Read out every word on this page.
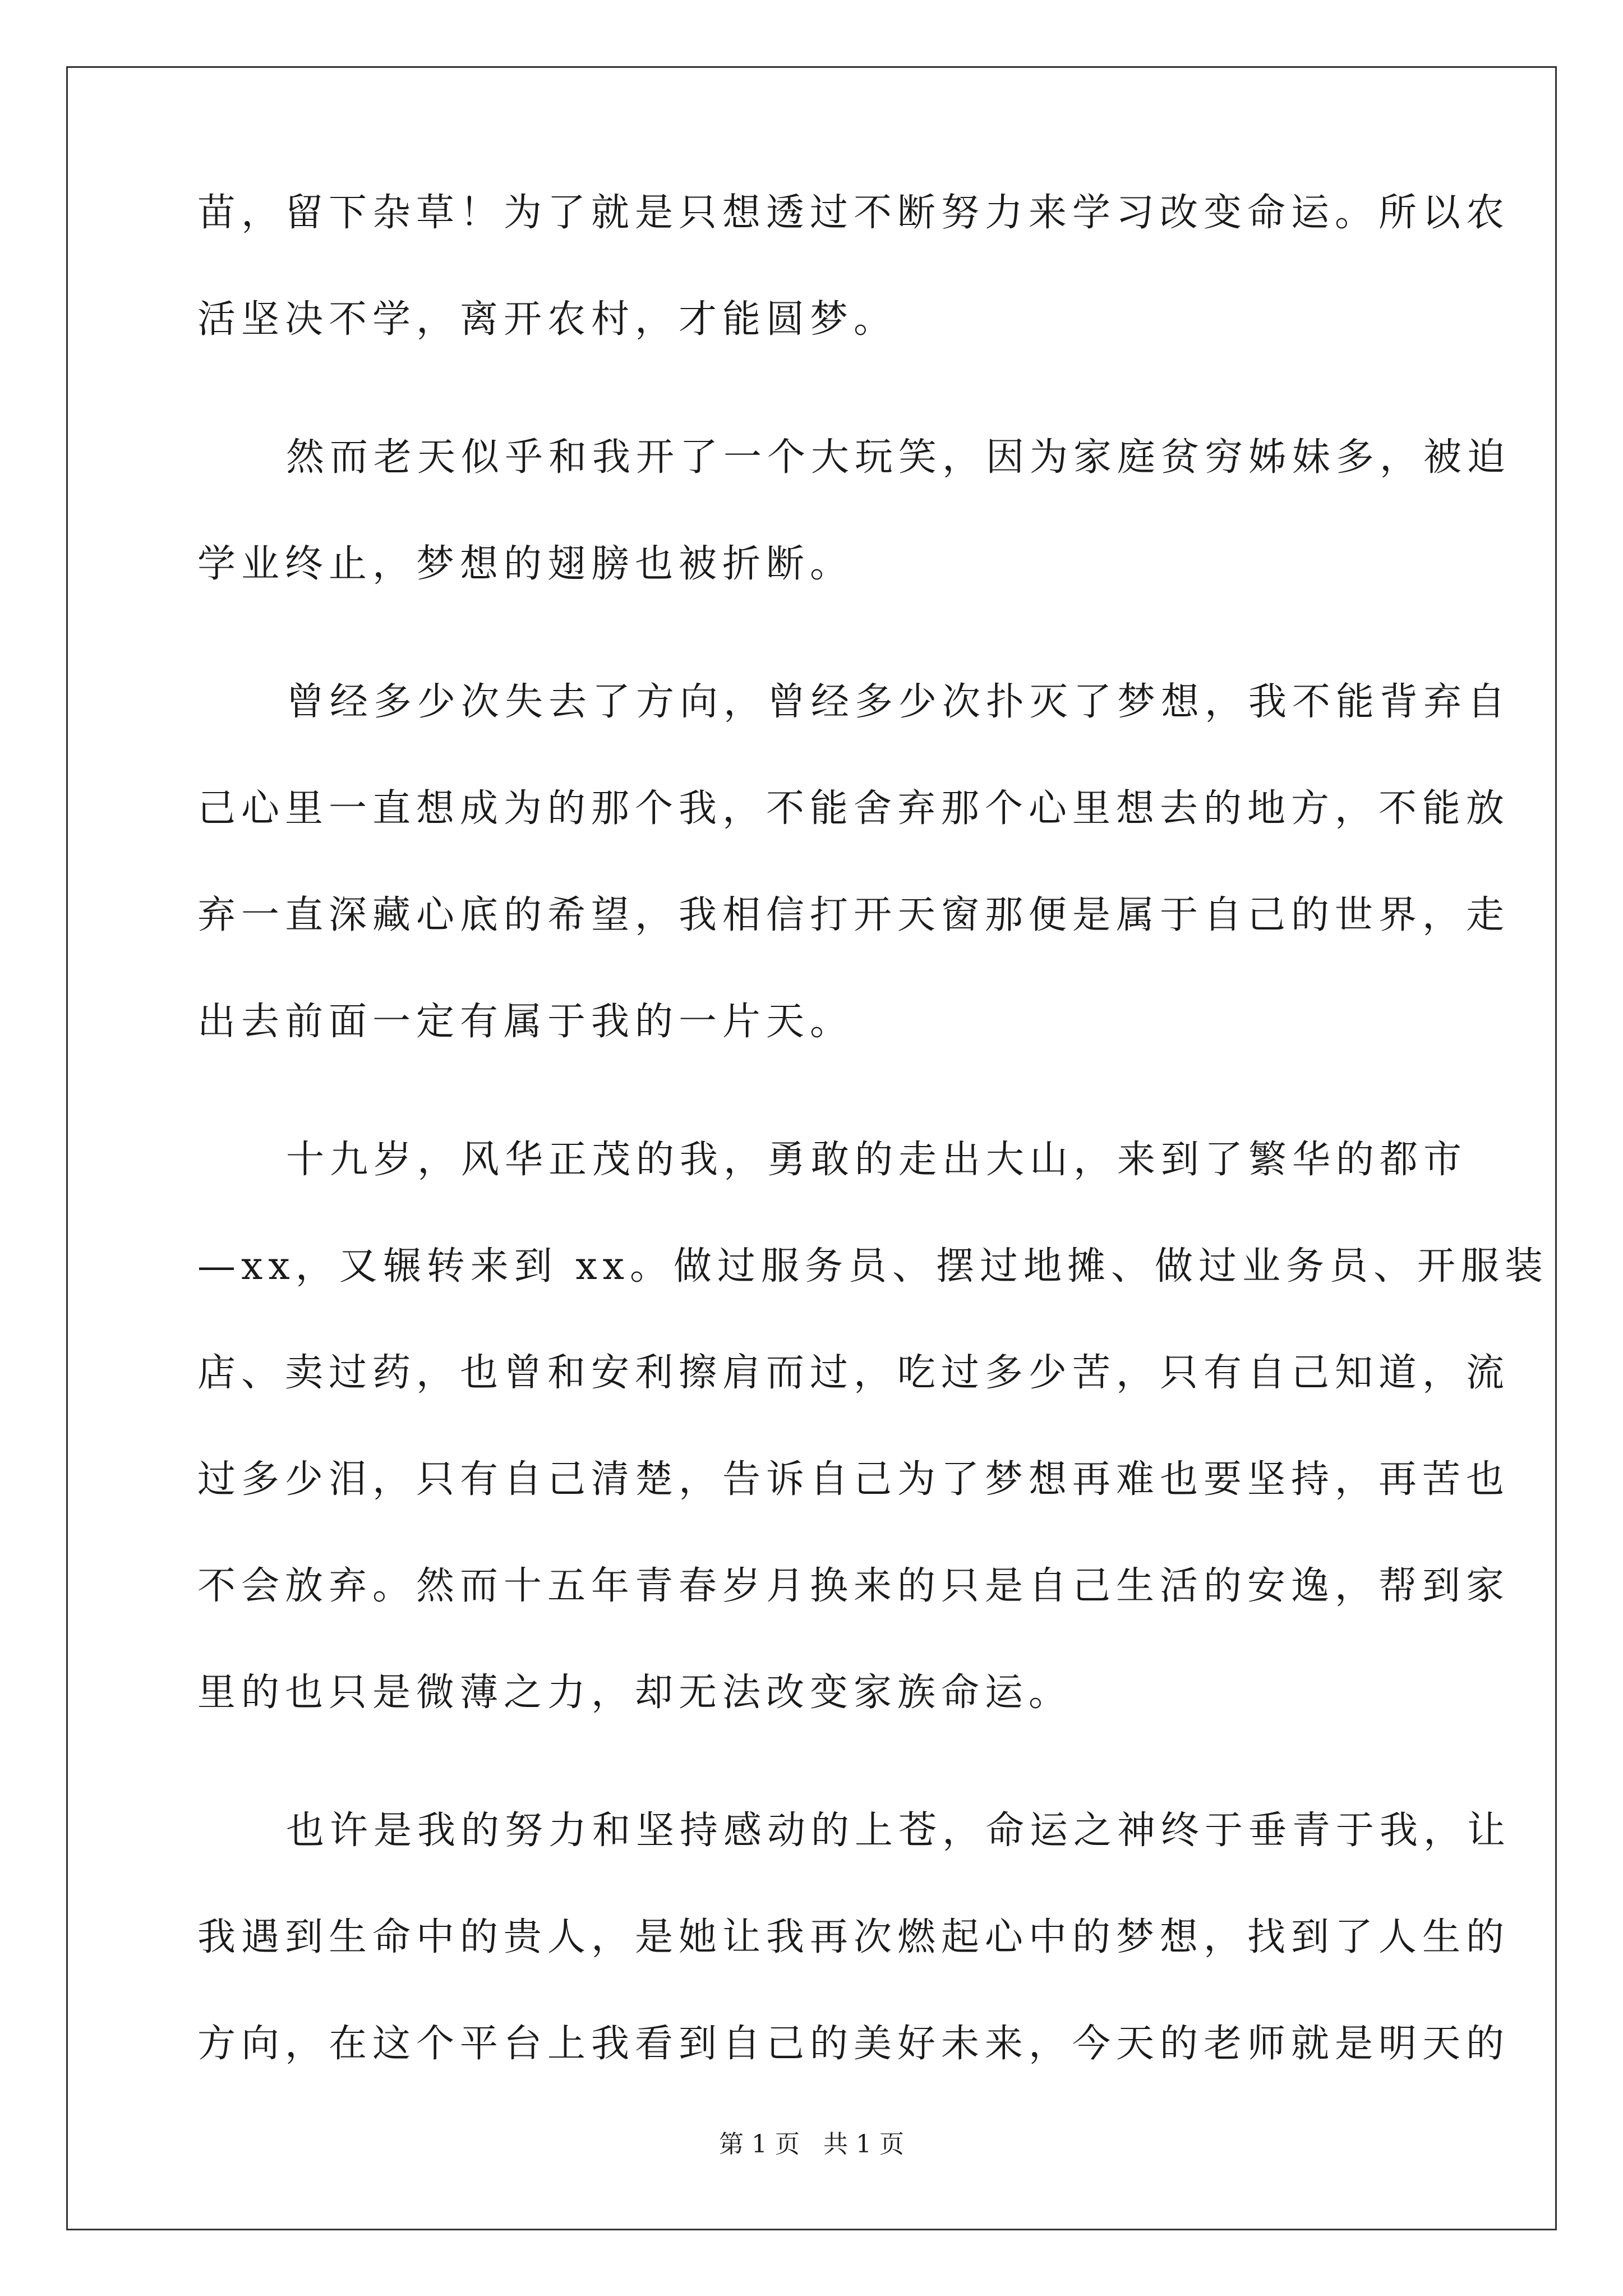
苗，留下杂草！为了就是只想透过不断努力来学习改变命运。所以农
活坚决不学，离开农村，才能圆梦。
然而老天似乎和我开了一个大玩笑，因为家庭贫穷姊妹多，被迫
学业终止，梦想的翅膀也被折断。
曾经多少次失去了方向，曾经多少次扑灭了梦想，我不能背弃自
己心里一直想成为的那个我，不能舍弃那个心里想去的地方，不能放
弃一直深藏心底的希望，我相信打开天窗那便是属于自己的世界，走
出去前面一定有属于我的一片天。
十九岁，风华正茂的我，勇敢的走出大山，来到了繁华的都市
—xx，又辗转来到 xx。做过服务员、摆过地摊、做过业务员、开服装
店、卖过药，也曾和安利擦肩而过，吃过多少苦，只有自己知道，流
过多少泪，只有自己清楚，告诉自己为了梦想再难也要坚持，再苦也
不会放弃。然而十五年青春岁月换来的只是自己生活的安逸，帮到家
里的也只是微薄之力，却无法改变家族命运。
也许是我的努力和坚持感动的上苍，命运之神终于垂青于我，让
我遇到生命中的贵人，是她让我再次燃起心中的梦想，找到了人生的
方向，在这个平台上我看到自己的美好未来，今天的老师就是明天的
第 1 页 共 1 页
